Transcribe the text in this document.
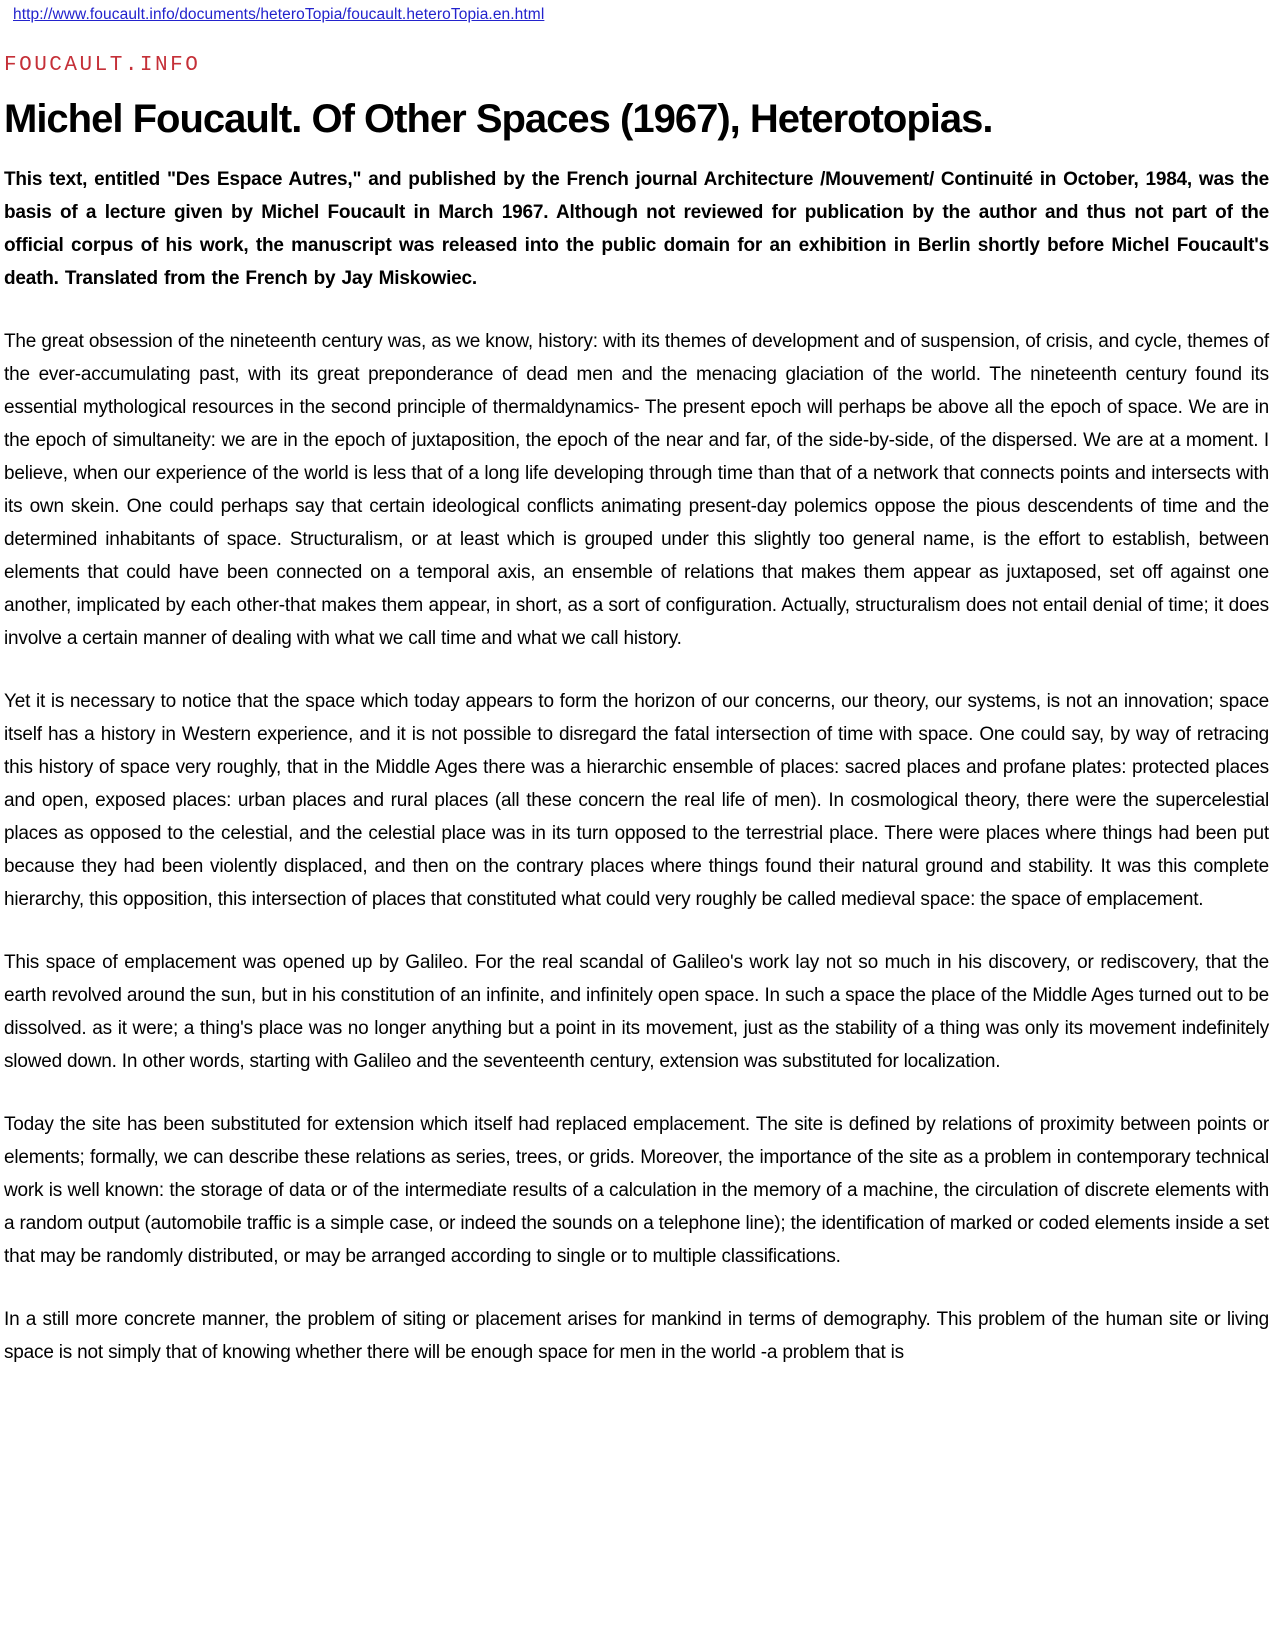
http://www.foucault.info/documents/heteroTopia/foucault.heteroTopia.en.html
FOUCAULT.INFO
Michel Foucault. Of Other Spaces (1967), Heterotopias.

This text, entitled "Des Espace Autres," and published by the French journal Architecture /Mouvement/ Continuité in October, 1984, was the basis of a lecture given by Michel Foucault in March 1967. Although not reviewed for publication by the author and thus not part of the official corpus of his work, the manuscript was released into the public domain for an exhibition in Berlin shortly before Michel Foucault's death. Translated from the French by Jay Miskowiec.

The great obsession of the nineteenth century was, as we know, history: with its themes of development and of suspension, of crisis, and cycle, themes of the ever-accumulating past, with its great preponderance of dead men and the menacing glaciation of the world. The nineteenth century found its essential mythological resources in the second principle of thermaldynamics- The present epoch will perhaps be above all the epoch of space. We are in the epoch of simultaneity: we are in the epoch of juxtaposition, the epoch of the near and far, of the side-by-side, of the dispersed. We are at a moment. I believe, when our experience of the world is less that of a long life developing through time than that of a network that connects points and intersects with its own skein. One could perhaps say that certain ideological conflicts animating present-day polemics oppose the pious descendents of time and the determined inhabitants of space. Structuralism, or at least which is grouped under this slightly too general name, is the effort to establish, between elements that could have been connected on a temporal axis, an ensemble of relations that makes them appear as juxtaposed, set off against one another, implicated by each other-that makes them appear, in short, as a sort of configuration. Actually, structuralism does not entail denial of time; it does involve a certain manner of dealing with what we call time and what we call history.

Yet it is necessary to notice that the space which today appears to form the horizon of our concerns, our theory, our systems, is not an innovation; space itself has a history in Western experience, and it is not possible to disregard the fatal intersection of time with space. One could say, by way of retracing this history of space very roughly, that in the Middle Ages there was a hierarchic ensemble of places: sacred places and profane plates: protected places and open, exposed places: urban places and rural places (all these concern the real life of men). In cosmological theory, there were the supercelestial places as opposed to the celestial, and the celestial place was in its turn opposed to the terrestrial place. There were places where things had been put because they had been violently displaced, and then on the contrary places where things found their natural ground and stability. It was this complete hierarchy, this opposition, this intersection of places that constituted what could very roughly be called medieval space: the space of emplacement.

This space of emplacement was opened up by Galileo. For the real scandal of Galileo's work lay not so much in his discovery, or rediscovery, that the earth revolved around the sun, but in his constitution of an infinite, and infinitely open space. In such a space the place of the Middle Ages turned out to be dissolved. as it were; a thing's place was no longer anything but a point in its movement, just as the stability of a thing was only its movement indefinitely slowed down. In other words, starting with Galileo and the seventeenth century, extension was substituted for localization.

Today the site has been substituted for extension which itself had replaced emplacement. The site is defined by relations of proximity between points or elements; formally, we can describe these relations as series, trees, or grids. Moreover, the importance of the site as a problem in contemporary technical work is well known: the storage of data or of the intermediate results of a calculation in the memory of a machine, the circulation of discrete elements with a random output (automobile traffic is a simple case, or indeed the sounds on a telephone line); the identification of marked or coded elements inside a set that may be randomly distributed, or may be arranged according to single or to multiple classifications.

In a still more concrete manner, the problem of siting or placement arises for mankind in terms of demography. This problem of the human site or living space is not simply that of knowing whether there will be enough space for men in the world -a problem that is
